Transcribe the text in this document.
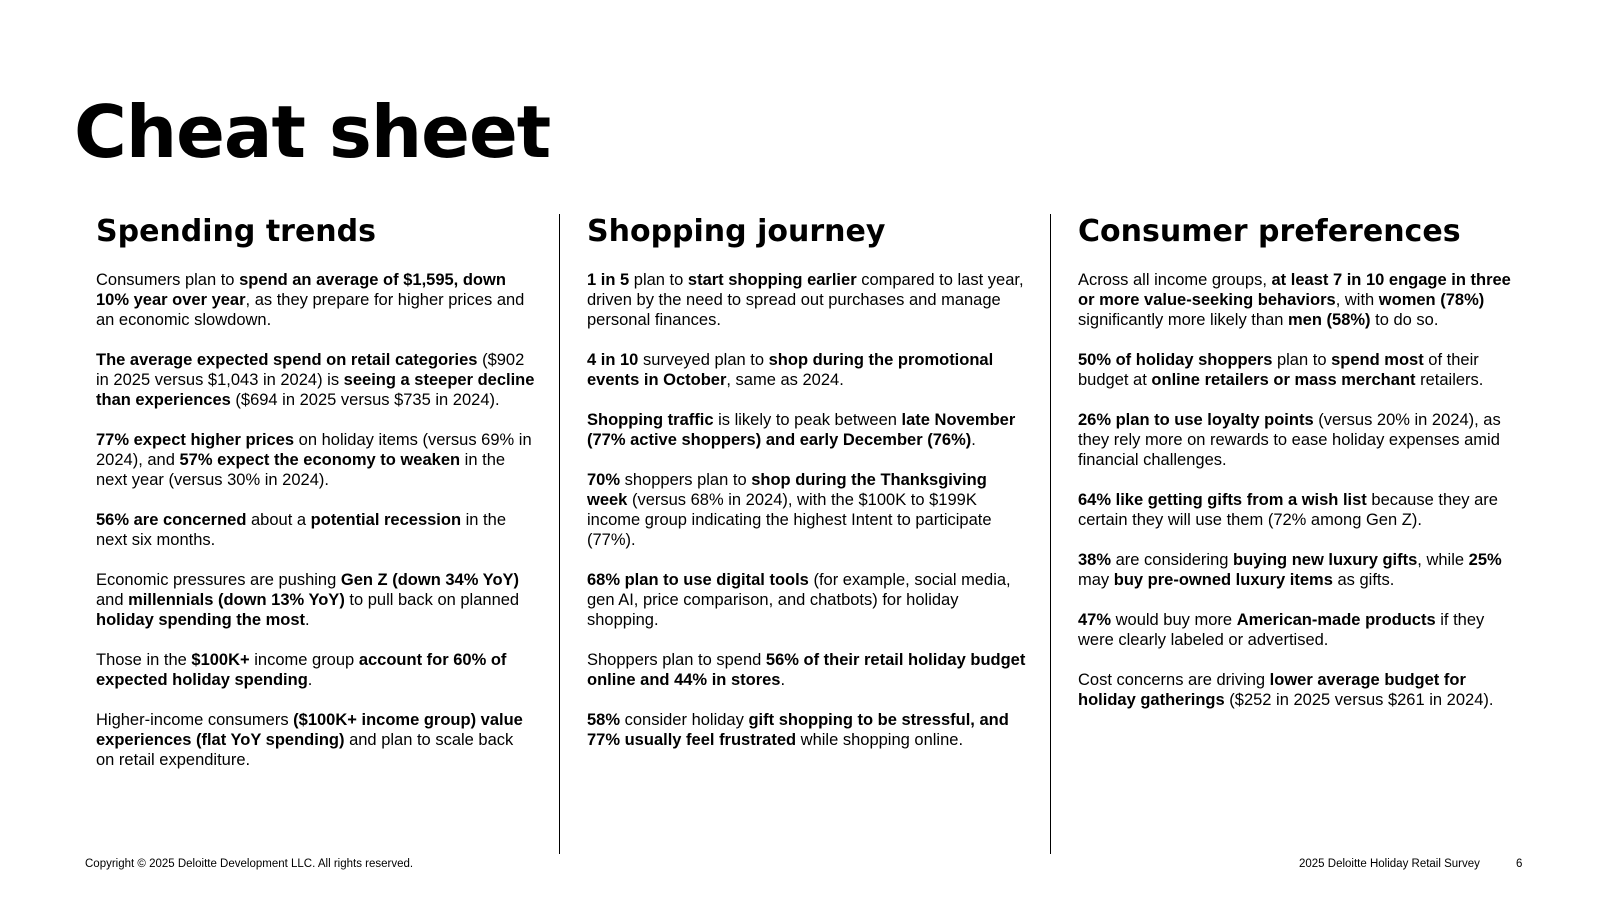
Cheat sheet
Spending trends

Consumers plan to spend an average of $1,595, down 10% year over year, as they prepare for higher prices and an economic slowdown.

The average expected spend on retail categories ($902 in 2025 versus $1,043 in 2024) is seeing a steeper decline than experiences ($694 in 2025 versus $735 in 2024).

77% expect higher prices on holiday items (versus 69% in 2024), and 57% expect the economy to weaken in the next year (versus 30% in 2024).

56% are concerned about a potential recession in the next six months.

Economic pressures are pushing Gen Z (down 34% YoY) and millennials (down 13% YoY) to pull back on planned holiday spending the most.

Those in the $100K+ income group account for 60% of expected holiday spending.

Higher-income consumers ($100K+ income group) value experiences (flat YoY spending) and plan to scale back on retail expenditure.

Shopping journey

1 in 5 plan to start shopping earlier compared to last year, driven by the need to spread out purchases and manage personal finances.

4 in 10 surveyed plan to shop during the promotional events in October, same as 2024.

Shopping traffic is likely to peak between late November (77% active shoppers) and early December (76%).

70% shoppers plan to shop during the Thanksgiving week (versus 68% in 2024), with the $100K to $199K income group indicating the highest Intent to participate (77%).

68% plan to use digital tools (for example, social media, gen AI, price comparison, and chatbots) for holiday shopping.

Shoppers plan to spend 56% of their retail holiday budget online and 44% in stores.

58% consider holiday gift shopping to be stressful, and 77% usually feel frustrated while shopping online.

Consumer preferences

Across all income groups, at least 7 in 10 engage in three or more value-seeking behaviors, with women (78%) significantly more likely than men (58%) to do so.

50% of holiday shoppers plan to spend most of their budget at online retailers or mass merchant retailers.

26% plan to use loyalty points (versus 20% in 2024), as they rely more on rewards to ease holiday expenses amid financial challenges.

64% like getting gifts from a wish list because they are certain they will use them (72% among Gen Z).

38% are considering buying new luxury gifts, while 25% may buy pre-owned luxury items as gifts.

47% would buy more American-made products if they were clearly labeled or advertised.

Cost concerns are driving lower average budget for holiday gatherings ($252 in 2025 versus $261 in 2024).

Copyright © 2025 Deloitte Development LLC. All rights reserved.	2025 Deloitte Holiday Retail Survey	6
